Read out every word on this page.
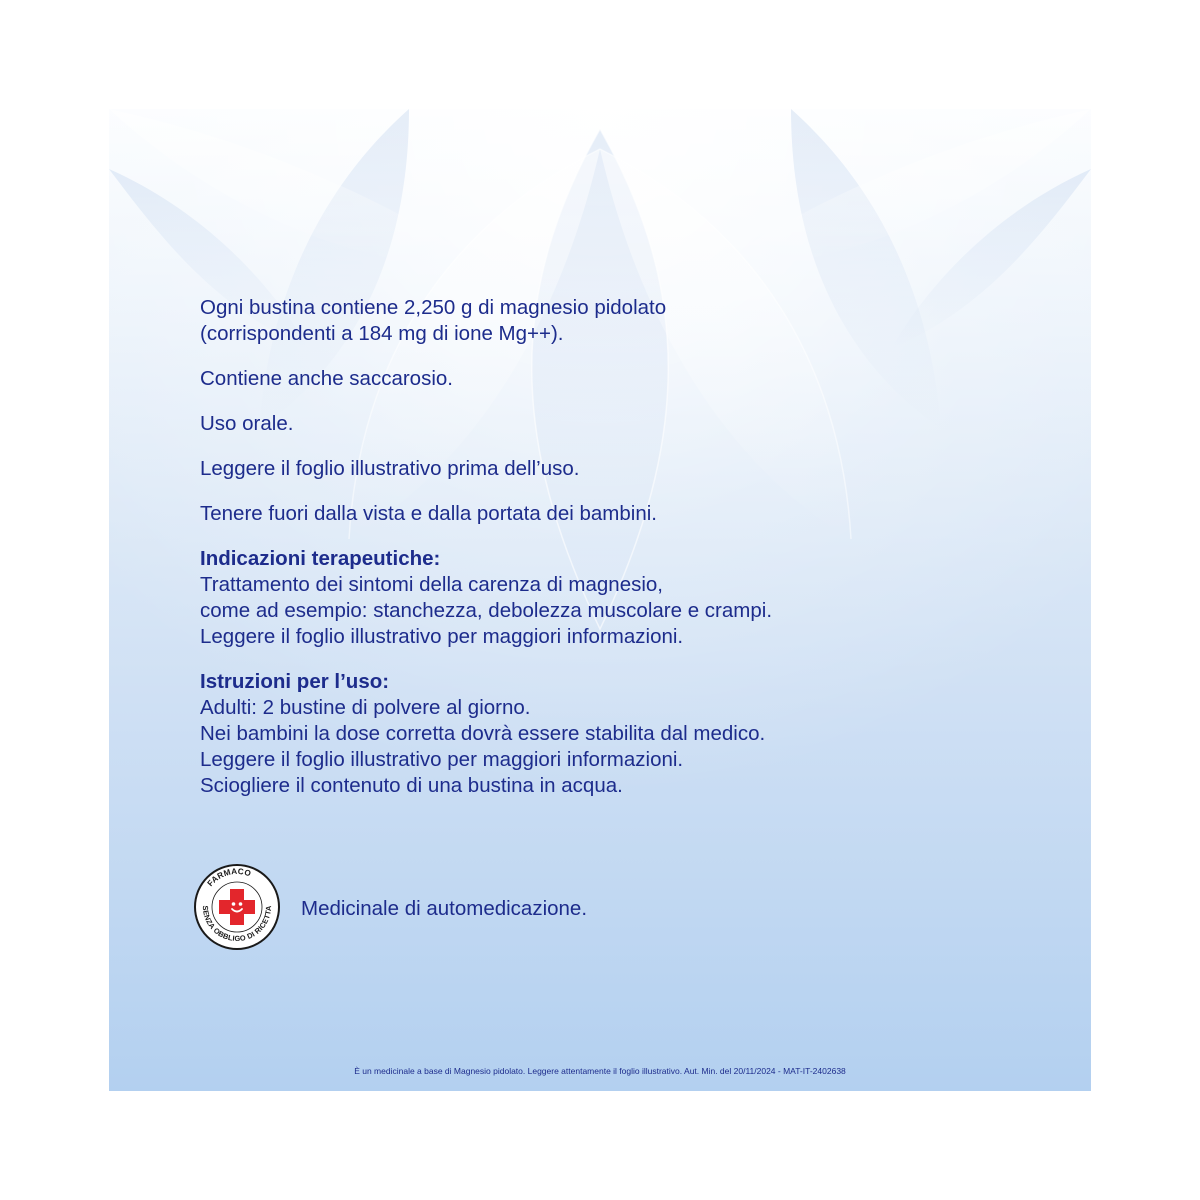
Ogni bustina contiene 2,250 g di magnesio pidolato

(corrispondenti a 184 mg di ione Mg++).

Contiene anche saccarosio.

Uso orale.

Leggere il foglio illustrativo prima dell’uso.

Tenere fuori dalla vista e dalla portata dei bambini.

Indicazioni terapeutiche:

Trattamento dei sintomi della carenza di magnesio,

come ad esempio: stanchezza, debolezza muscolare e crampi.

Leggere il foglio illustrativo per maggiori informazioni.

Istruzioni per l’uso:

Adulti: 2 bustine di polvere al giorno.

Nei bambini la dose corretta dovrà essere stabilita dal medico.

Leggere il foglio illustrativo per maggiori informazioni.

Sciogliere il contenuto di una bustina in acqua.

FARMACO
SENZA OBBLIGO DI RICETTA Medicinale di automedicazione.
È un medicinale a base di Magnesio pidolato. Leggere attentamente il foglio illustrativo. Aut. Min. del 20/11/2024 - MAT-IT-2402638
